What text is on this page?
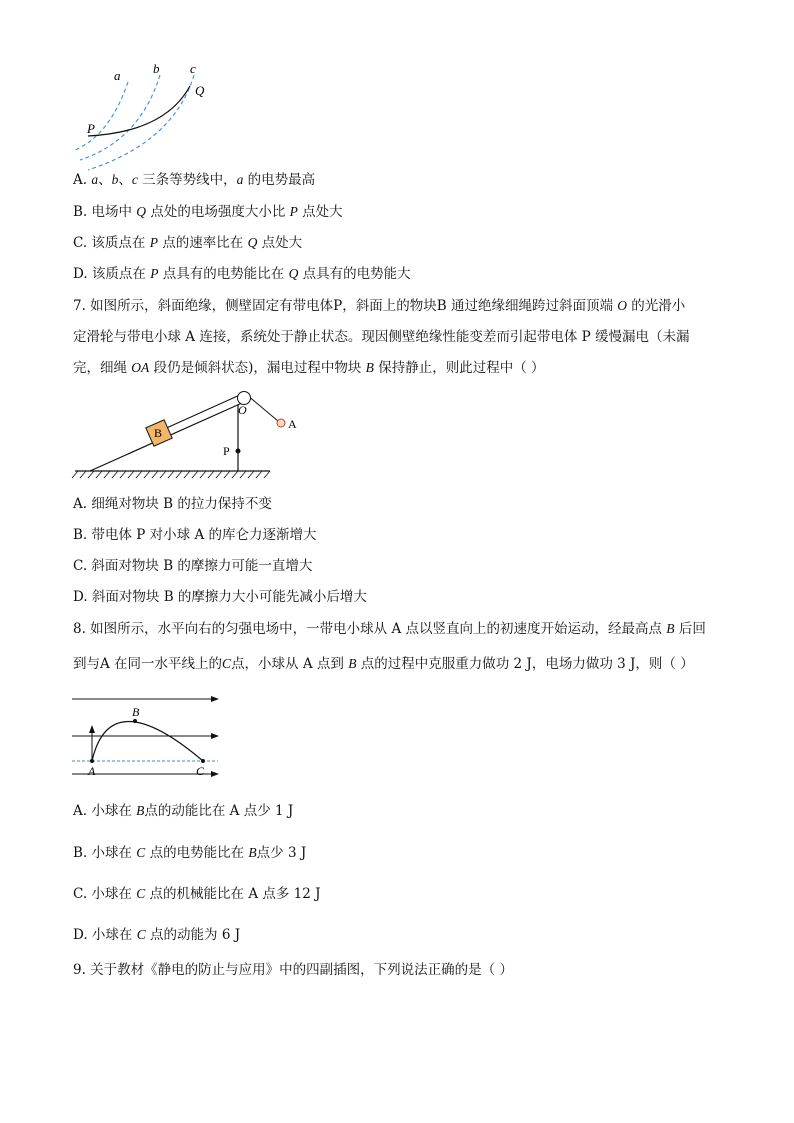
a	b c
Q
P
A. a、b、c 三条等势线中，a 的电势最高
B. 电场中 Q 点处的电场强度大小比 P 点处大
C. 该质点在 P 点的速率比在 Q 点处大
D. 该质点在 P 点具有的电势能比在 Q 点具有的电势能大
7. 如图所示，斜面绝缘，侧壁固定有带电体P，斜面上的物块B 通过绝缘细绳跨过斜面顶端 O 的光滑小
定滑轮与带电小球 A 连接，系统处于静止状态。现因侧壁绝缘性能变差而引起带电体 P 缓慢漏电（未漏
完，细绳 OA 段仍是倾斜状态)，漏电过程中物块 B 保持静止，则此过程中（ ）
B
O
A
P
A. 细绳对物块 B 的拉力保持不变
B. 带电体 P 对小球 A 的库仑力逐渐增大
C. 斜面对物块 B 的摩擦力可能一直增大
D. 斜面对物块 B 的摩擦力大小可能先减小后增大
8. 如图所示，水平向右的匀强电场中，一带电小球从 A 点以竖直向上的初速度开始运动，经最高点 B 后回
到与A 在同一水平线上的C点，小球从 A 点到 B 点的过程中克服重力做功 2 J，电场力做功 3 J，则（ ）
B
A	C
A. 小球在 B点的动能比在 A 点少 1 J
B. 小球在 C 点的电势能比在 B点少 3 J
C. 小球在 C 点的机械能比在 A 点多 12 J
D. 小球在 C 点的动能为 6 J
9. 关于教材《静电的防止与应用》中的四副插图，下列说法正确的是（ ）
